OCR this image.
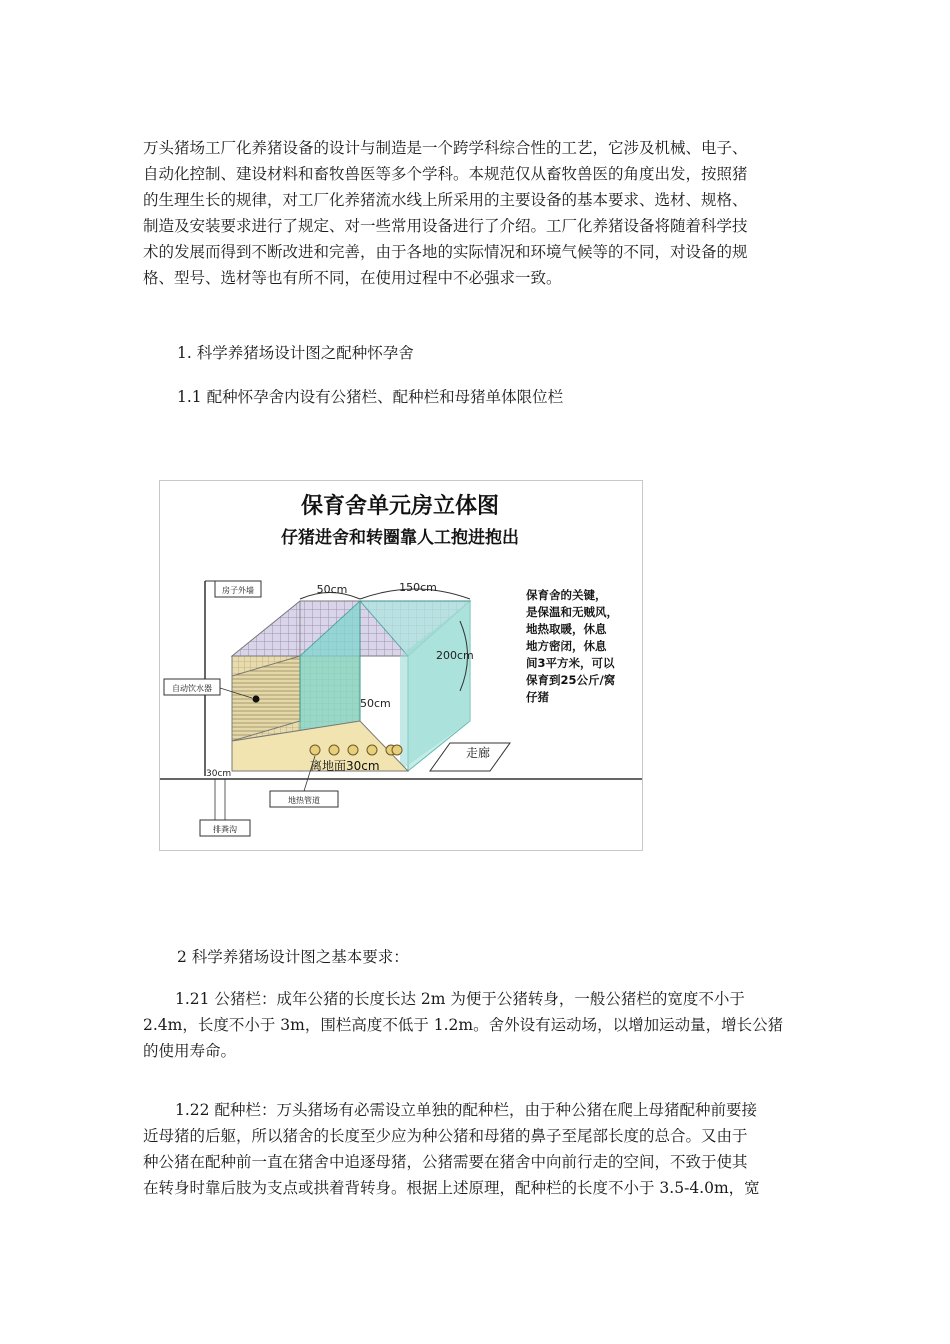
万头猪场工厂化养猪设备的设计与制造是一个跨学科综合性的工艺，它涉及机械、电子、
自动化控制、建设材料和畜牧兽医等多个学科。本规范仅从畜牧兽医的角度出发，按照猪
的生理生长的规律，对工厂化养猪流水线上所采用的主要设备的基本要求、选材、规格、
制造及安装要求进行了规定、对一些常用设备进行了介绍。工厂化养猪设备将随着科学技
术的发展而得到不断改进和完善，由于各地的实际情况和环境气候等的不同，对设备的规
格、型号、选材等也有所不同，在使用过程中不必强求一致。

1. 科学养猪场设计图之配种怀孕舍

1.1 配种怀孕舍内设有公猪栏、配种栏和母猪单体限位栏

保育舍单元房立体图
仔猪进舍和转圈靠人工抱进抱出
50cm	150cm
200cm
50cm
离地面30cm
走廊
30cm
房子外墙
自动饮水器
地热管道
排粪沟
保育舍的关键，
是保温和无贼风，
地热取暖，休息
地方密闭，休息
间3平方米，可以
保育到25公斤/窝
仔猪

2 科学养猪场设计图之基本要求：

1.21 公猪栏：成年公猪的长度长达 2m 为便于公猪转身，一般公猪栏的宽度不小于
2.4m，长度不小于 3m，围栏高度不低于 1.2m。舍外设有运动场，以增加运动量，增长公猪
的使用寿命。
1.22 配种栏：万头猪场有必需设立单独的配种栏，由于种公猪在爬上母猪配种前要接
近母猪的后躯，所以猪舍的长度至少应为种公猪和母猪的鼻子至尾部长度的总合。又由于
种公猪在配种前一直在猪舍中追逐母猪，公猪需要在猪舍中向前行走的空间，不致于使其
在转身时靠后肢为支点或拱着背转身。根据上述原理，配种栏的长度不小于 3.5-4.0m，宽
